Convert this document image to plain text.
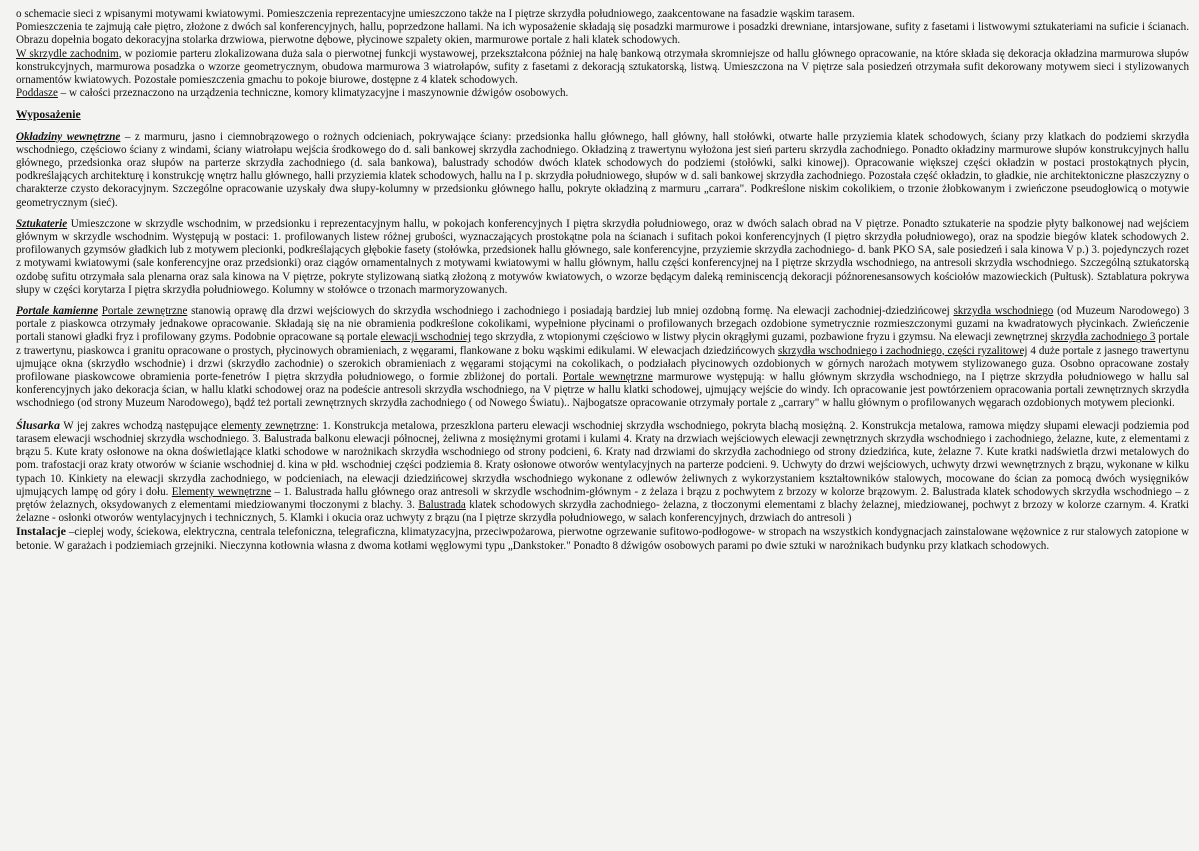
o schemacie sieci z wpisanymi motywami kwiatowymi. Pomieszczenia reprezentacyjne umieszczono także na I piętrze skrzydła południowego, zaakcentowane na fasadzie wąskim tarasem.

Pomieszczenia te zajmują całe piętro, złożone z dwóch sal konferencyjnych, hallu, poprzedzone hallami. Na ich wyposażenie składają się posadzki marmurowe i posadzki drewniane, intarsjowane, sufity z fasetami i listwowymi sztukateriami na suficie i ścianach. Obrazu dopełnia bogato dekoracyjna stolarka drzwiowa, pierwotne dębowe, płycinowe szpalety okien, marmurowe portale z hali klatek schodowych.

W skrzydle zachodnim, w poziomie parteru zlokalizowana duża sala o pierwotnej funkcji wystawowej, przekształcona później na halę bankową otrzymała skromniejsze od hallu głównego opracowanie, na które składa się dekoracja okładzina marmurowa słupów konstrukcyjnych, marmurowa posadzka o wzorze geometrycznym, obudowa marmurowa 3 wiatrołapów, sufity z fasetami z dekoracją sztukatorską, listwą. Umieszczona na V piętrze sala posiedzeń otrzymała sufit dekorowany motywem sieci i stylizowanych ornamentów kwiatowych. Pozostałe pomieszczenia gmachu to pokoje biurowe, dostępne z 4 klatek schodowych.

Poddasze – w całości przeznaczono na urządzenia techniczne, komory klimatyzacyjne i maszynownie dźwigów osobowych.

Wyposażenie

Okładziny wewnętrzne – z marmuru, jasno i ciemnobrązowego o rożnych odcieniach, pokrywające ściany: przedsionka hallu głównego, hall główny, hall stołówki, otwarte halle przyziemia klatek schodowych, ściany przy klatkach do podziemi skrzydła wschodniego, częściowo ściany z windami, ściany wiatrołapu wejścia środkowego do d. sali bankowej skrzydła zachodniego. Okładziną z trawertynu wyłożona jest sień parteru skrzydła zachodniego. Ponadto okładziny marmurowe słupów konstrukcyjnych hallu głównego, przedsionka oraz słupów na parterze skrzydła zachodniego (d. sala bankowa), balustrady schodów dwóch klatek schodowych do podziemi (stołówki, salki kinowej). Opracowanie większej części okładzin w postaci prostokątnych płycin, podkreślających architekturę i konstrukcję wnętrz hallu głównego, halli przyziemia klatek schodowych, hallu na I p. skrzydła południowego, słupów w d. sali bankowej skrzydła zachodniego. Pozostała część okładzin, to gładkie, nie architektoniczne płaszczyzny o charakterze czysto dekoracyjnym. Szczególne opracowanie uzyskały dwa słupy-kolumny w przedsionku głównego hallu, pokryte okładziną z marmuru „carrara". Podkreślone niskim cokolikiem, o trzonie żłobkowanym i zwieńczone pseudogłowicą o motywie geometrycznym (sieć).

Sztukaterie Umieszczone w skrzydle wschodnim, w przedsionku i reprezentacyjnym hallu, w pokojach konferencyjnych I piętra skrzydła południowego, oraz w dwóch salach obrad na V piętrze. Ponadto sztukaterie na spodzie płyty balkonowej nad wejściem głównym w skrzydle wschodnim. Występują w postaci: 1. profilowanych listew różnej grubości, wyznaczających prostokątne pola na ścianach i sufitach pokoi konferencyjnych (I piętro skrzydła południowego), oraz na spodzie biegów klatek schodowych 2. profilowanych gzymsów gładkich lub z motywem plecionki, podkreślających głębokie fasety (stołówka, przedsionek hallu głównego, sale konferencyjne, przyziemie skrzydła zachodniego- d. bank PKO SA, sale posiedzeń i sala kinowa V p.) 3. pojedynczych rozet z motywami kwiatowymi (sale konferencyjne oraz przedsionki) oraz ciągów ornamentalnych z motywami kwiatowymi w hallu głównym, hallu części konferencyjnej na I piętrze skrzydła wschodniego, na antresoli skrzydła wschodniego. Szczególną sztukatorską ozdobę sufitu otrzymała sala plenarna oraz sala kinowa na V piętrze, pokryte stylizowaną siatką złożoną z motywów kwiatowych, o wzorze będącym daleką reminiscencją dekoracji późnorenesansowych kościołów mazowieckich (Pułtusk). Sztablatura pokrywa słupy w części korytarza I piętra skrzydła południowego. Kolumny w stołówce o trzonach marmoryzowanych.

Portale kamienne Portale zewnętrzne stanowią oprawę dla drzwi wejściowych do skrzydła wschodniego i zachodniego i posiadają bardziej lub mniej ozdobną formę. Na elewacji zachodniej-dziedzińcowej skrzydła wschodniego (od Muzeum Narodowego) 3 portale z piaskowca otrzymały jednakowe opracowanie. Składają się na nie obramienia podkreślone cokolikami, wypełnione płycinami o profilowanych brzegach ozdobione symetrycznie rozmieszczonymi guzami na kwadratowych płycinkach. Zwieńczenie portali stanowi gładki fryz i profilowany gzyms. Podobnie opracowane są portale elewacji wschodniej tego skrzydła, z wtopionymi częściowo w listwy płycin okrągłymi guzami, pozbawione fryzu i gzymsu. Na elewacji zewnętrznej skrzydła zachodniego 3 portale z trawertynu, piaskowca i granitu opracowane o prostych, płycinowych obramieniach, z węgarami, flankowane z boku wąskimi edikulami. W elewacjach dziedzińcowych skrzydła wschodniego i zachodniego, części ryzalitowej 4 duże portale z jasnego trawertynu ujmujące okna (skrzydło wschodnie) i drzwi (skrzydło zachodnie) o szerokich obramieniach z węgarami stojącymi na cokolikach, o podziałach płycinowych ozdobionych w górnych narożach motywem stylizowanego guza. Osobno opracowane zostały profilowane piaskowcowe obramienia porte-fenetrów I piętra skrzydła południowego, o formie zbliżonej do portali. Portale wewnętrzne marmurowe występują: w hallu głównym skrzydła wschodniego, na I piętrze skrzydła południowego w hallu sal konferencyjnych jako dekoracja ścian, w hallu klatki schodowej oraz na podeście antresoli skrzydła wschodniego, na V piętrze w hallu klatki schodowej, ujmujący wejście do windy. Ich opracowanie jest powtórzeniem opracowania portali zewnętrznych skrzydła wschodniego (od strony Muzeum Narodowego), bądź też portali zewnętrznych skrzydła zachodniego ( od Nowego Światu).. Najbogatsze opracowanie otrzymały portale z „carrary" w hallu głównym o profilowanych węgarach ozdobionych motywem plecionki.

Ślusarka W jej zakres wchodzą następujące elementy zewnętrzne: 1. Konstrukcja metalowa, przeszklona parteru elewacji wschodniej skrzydła wschodniego, pokryta blachą mosiężną. 2. Konstrukcja metalowa, ramowa między słupami elewacji podziemia pod tarasem elewacji wschodniej skrzydła wschodniego. 3. Balustrada balkonu elewacji północnej, żeliwna z mosiężnymi grotami i kulami 4. Kraty na drzwiach wejściowych elewacji zewnętrznych skrzydła wschodniego i zachodniego, żelazne, kute, z elementami z brązu 5. Kute kraty osłonowe na okna doświetlające klatki schodowe w narożnikach skrzydła wschodniego od strony podcieni, 6. Kraty nad drzwiami do skrzydła zachodniego od strony dziedzińca, kute, żelazne 7. Kute kratki nadświetla drzwi metalowych do pom. trafostacji oraz kraty otworów w ścianie wschodniej d. kina w płd. wschodniej części podziemia 8. Kraty osłonowe otworów wentylacyjnych na parterze podcieni. 9. Uchwyty do drzwi wejściowych, uchwyty drzwi wewnętrznych z brązu, wykonane w kilku typach 10. Kinkiety na elewacji skrzydła zachodniego, w podcieniach, na elewacji dziedzińcowej skrzydła wschodniego wykonane z odlewów żeliwnych z wykorzystaniem kształtowników stalowych, mocowane do ścian za pomocą dwóch wysięgników ujmujących lampę od góry i dołu. Elementy wewnętrzne – 1. Balustrada hallu głównego oraz antresoli w skrzydle wschodnim-głównym - z żelaza i brązu z pochwytem z brzozy w kolorze brązowym. 2. Balustrada klatek schodowych skrzydła wschodniego – z prętów żelaznych, oksydowanych z elementami miedziowanymi tłoczonymi z blachy. 3. Balustrada klatek schodowych skrzydła zachodniego- żelazna, z tłoczonymi elementami z blachy żelaznej, miedziowanej, pochwyt z brzozy w kolorze czarnym. 4. Kratki żelazne - osłonki otworów wentylacyjnych i technicznych, 5. Klamki i okucia oraz uchwyty z brązu (na I piętrze skrzydła południowego, w salach konferencyjnych, drzwiach do antresoli )

Instalacje –cieplej wody, ściekowa, elektryczna, centrala telefoniczna, telegraficzna, klimatyzacyjna, przeciwpożarowa, pierwotne ogrzewanie sufitowo-podłogowe- w stropach na wszystkich kondygnacjach zainstalowane wężownice z rur stalowych zatopione w betonie. W garażach i podziemiach grzejniki. Nieczynna kotłownia własna z dwoma kotłami węglowymi typu „Dankstoker." Ponadto 8 dźwigów osobowych parami po dwie sztuki w narożnikach budynku przy klatkach schodowych.
